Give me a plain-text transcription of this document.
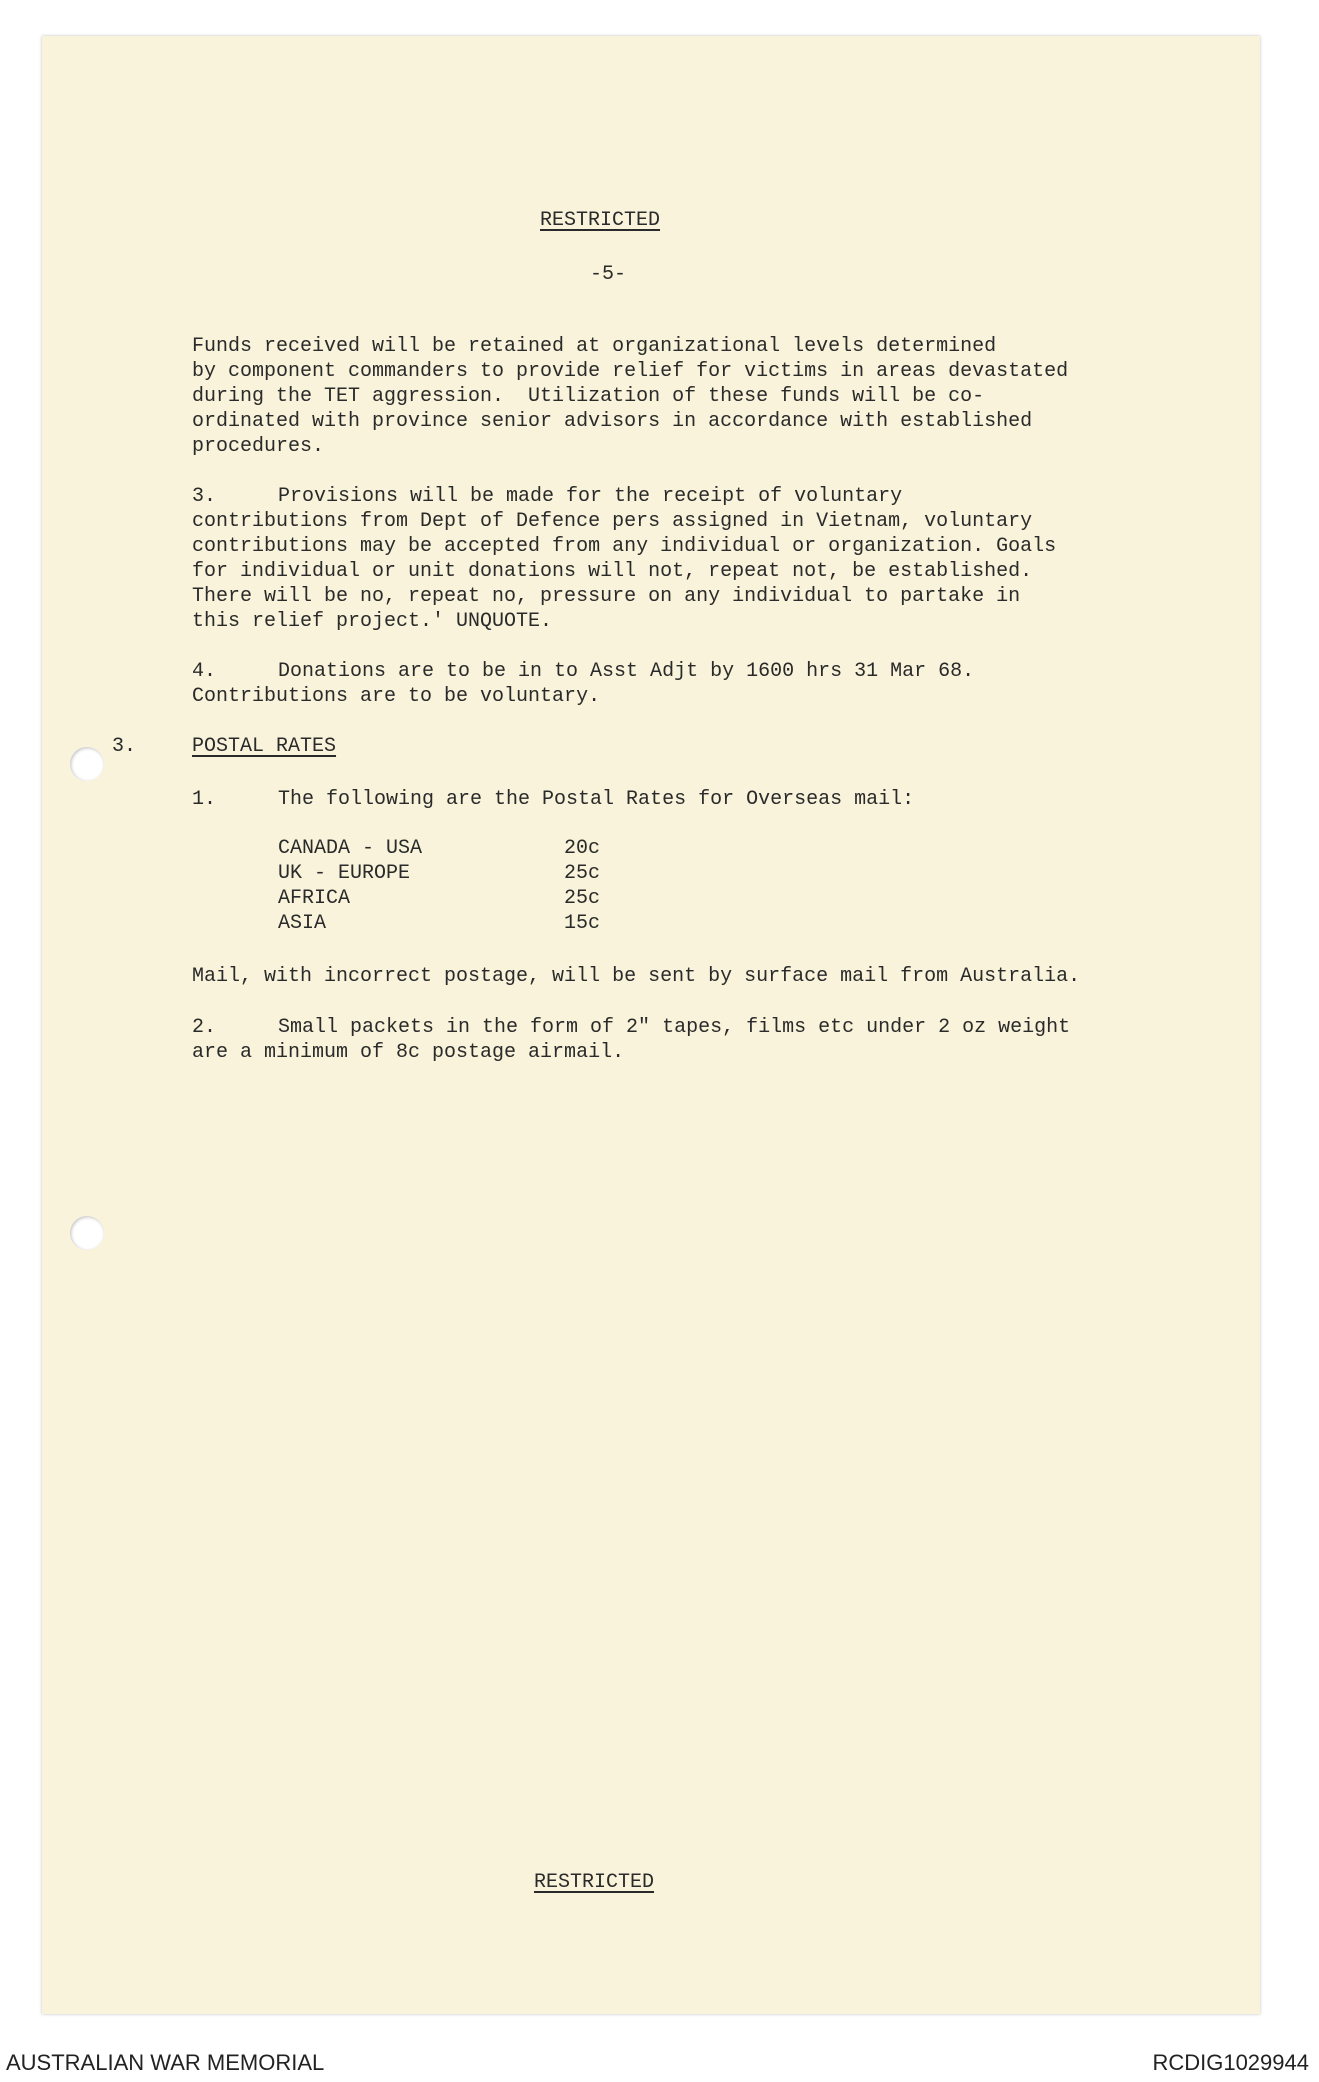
RESTRICTED
-5-
Funds received will be retained at organizational levels determined
by component commanders to provide relief for victims in areas devastated
during the TET aggression.  Utilization of these funds will be co-
ordinated with province senior advisors in accordance with established
procedures.
3.	Provisions will be made for the receipt of voluntary
contributions from Dept of Defence pers assigned in Vietnam, voluntary
contributions may be accepted from any individual or organization. Goals
for individual or unit donations will not, repeat not, be established.
There will be no, repeat no, pressure on any individual to partake in
this relief project.' UNQUOTE.
4.	Donations are to be in to Asst Adjt by 1600 hrs 31 Mar 68.
Contributions are to be voluntary.
3.	POSTAL RATES
1.	The following are the Postal Rates for Overseas mail:
CANADA - USA	20c
UK - EUROPE	25c
AFRICA	25c
ASIA	15c
Mail, with incorrect postage, will be sent by surface mail from Australia.
2.	Small packets in the form of 2" tapes, films etc under 2 oz weight
are a minimum of 8c postage airmail.
RESTRICTED
AUSTRALIAN WAR MEMORIAL	RCDIG1029944
